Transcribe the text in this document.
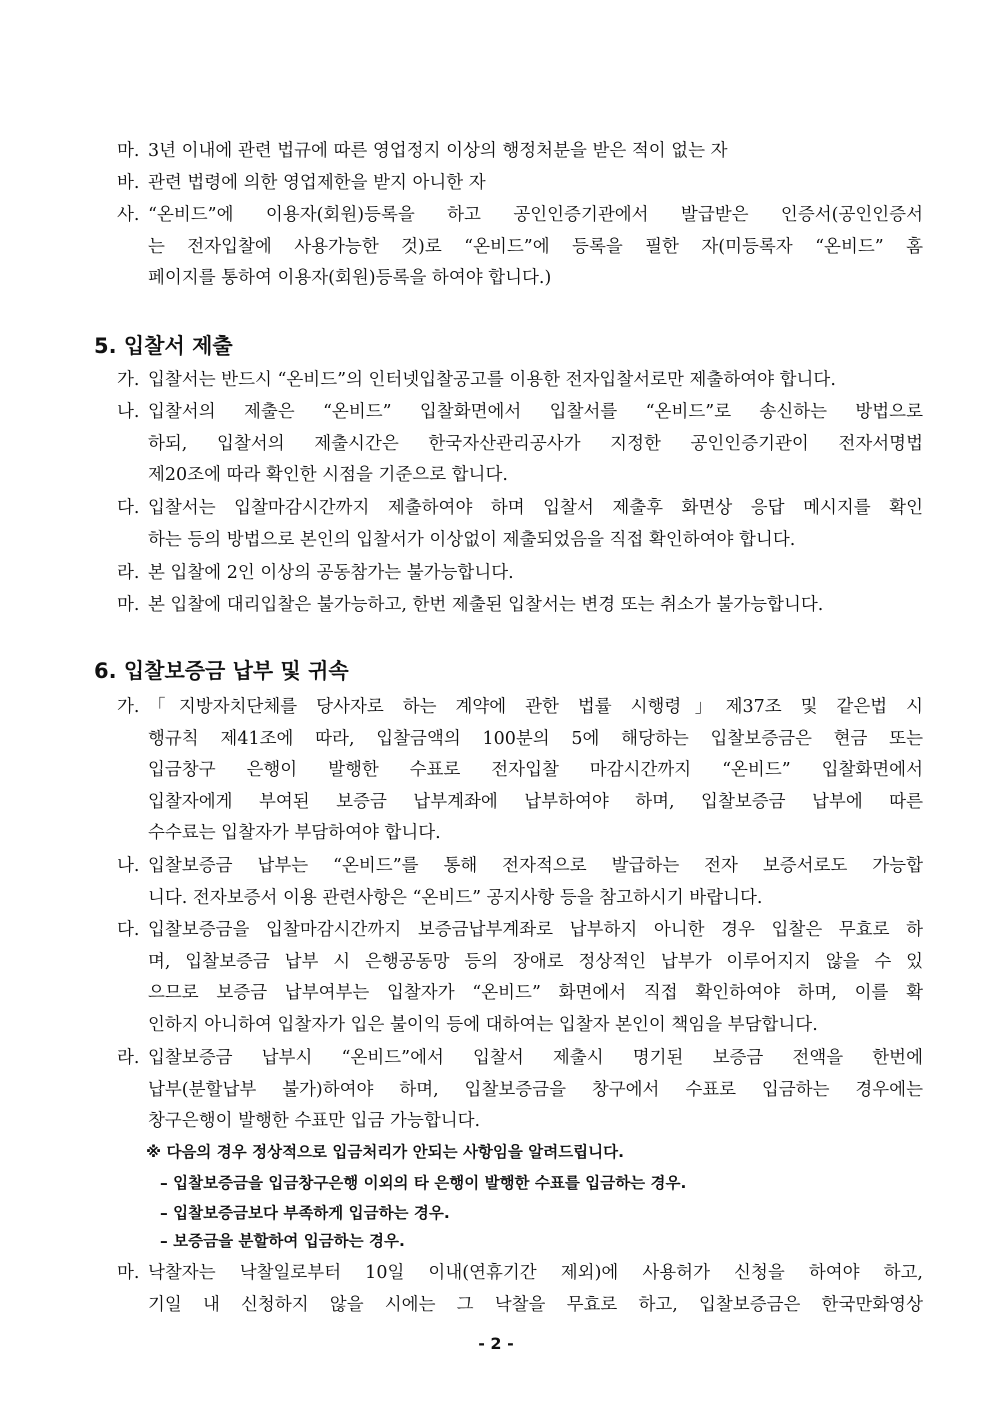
마. 3년 이내에 관련 법규에 따른 영업정지 이상의 행정처분을 받은 적이 없는 자
바. 관련 법령에 의한 영업제한을 받지 아니한 자
사. “온비드”에 이용자(회원)등록을 하고 공인인증기관에서 발급받은 인증서(공인인증서
는 전자입찰에 사용가능한 것)로 “온비드”에 등록을 필한 자(미등록자 “온비드” 홈
페이지를 통하여 이용자(회원)등록을 하여야 합니다.)
5. 입찰서 제출
가. 입찰서는 반드시 “온비드”의 인터넷입찰공고를 이용한 전자입찰서로만 제출하여야 합니다.
나. 입찰서의 제출은 “온비드” 입찰화면에서 입찰서를 “온비드”로 송신하는 방법으로
하되, 입찰서의 제출시간은 한국자산관리공사가 지정한 공인인증기관이 전자서명법
제20조에 따라 확인한 시점을 기준으로 합니다.
다. 입찰서는 입찰마감시간까지 제출하여야 하며 입찰서 제출후 화면상 응답 메시지를 확인
하는 등의 방법으로 본인의 입찰서가 이상없이 제출되었음을 직접 확인하여야 합니다.
라. 본 입찰에 2인 이상의 공동참가는 불가능합니다.
마. 본 입찰에 대리입찰은 불가능하고, 한번 제출된 입찰서는 변경 또는 취소가 불가능합니다.
6. 입찰보증금 납부 및 귀속
가. 「지방자치단체를 당사자로 하는 계약에 관한 법률 시행령」제37조 및 같은법 시
행규칙 제41조에 따라, 입찰금액의 100분의 5에 해당하는 입찰보증금은 현금 또는
입금창구 은행이 발행한 수표로 전자입찰 마감시간까지 “온비드” 입찰화면에서
입찰자에게 부여된 보증금 납부계좌에 납부하여야 하며, 입찰보증금 납부에 따른
수수료는 입찰자가 부담하여야 합니다.
나. 입찰보증금 납부는 “온비드”를 통해 전자적으로 발급하는 전자 보증서로도 가능합
니다. 전자보증서 이용 관련사항은 “온비드” 공지사항 등을 참고하시기 바랍니다.
다. 입찰보증금을 입찰마감시간까지 보증금납부계좌로 납부하지 아니한 경우 입찰은 무효로 하
며, 입찰보증금 납부 시 은행공동망 등의 장애로 정상적인 납부가 이루어지지 않을 수 있
으므로 보증금 납부여부는 입찰자가 “온비드” 화면에서 직접 확인하여야 하며, 이를 확
인하지 아니하여 입찰자가 입은 불이익 등에 대하여는 입찰자 본인이 책임을 부담합니다.
라. 입찰보증금 납부시 “온비드”에서 입찰서 제출시 명기된 보증금 전액을 한번에
납부(분할납부 불가)하여야 하며, 입찰보증금을 창구에서 수표로 입금하는 경우에는
창구은행이 발행한 수표만 입금 가능합니다.
※ 다음의 경우 정상적으로 입금처리가 안되는 사항임을 알려드립니다.
– 입찰보증금을 입금창구은행 이외의 타 은행이 발행한 수표를 입금하는 경우.
– 입찰보증금보다 부족하게 입금하는 경우.
– 보증금을 분할하여 입금하는 경우.
마. 낙찰자는 낙찰일로부터 10일 이내(연휴기간 제외)에 사용허가 신청을 하여야 하고,
기일 내 신청하지 않을 시에는 그 낙찰을 무효로 하고, 입찰보증금은 한국만화영상
- 2 -
